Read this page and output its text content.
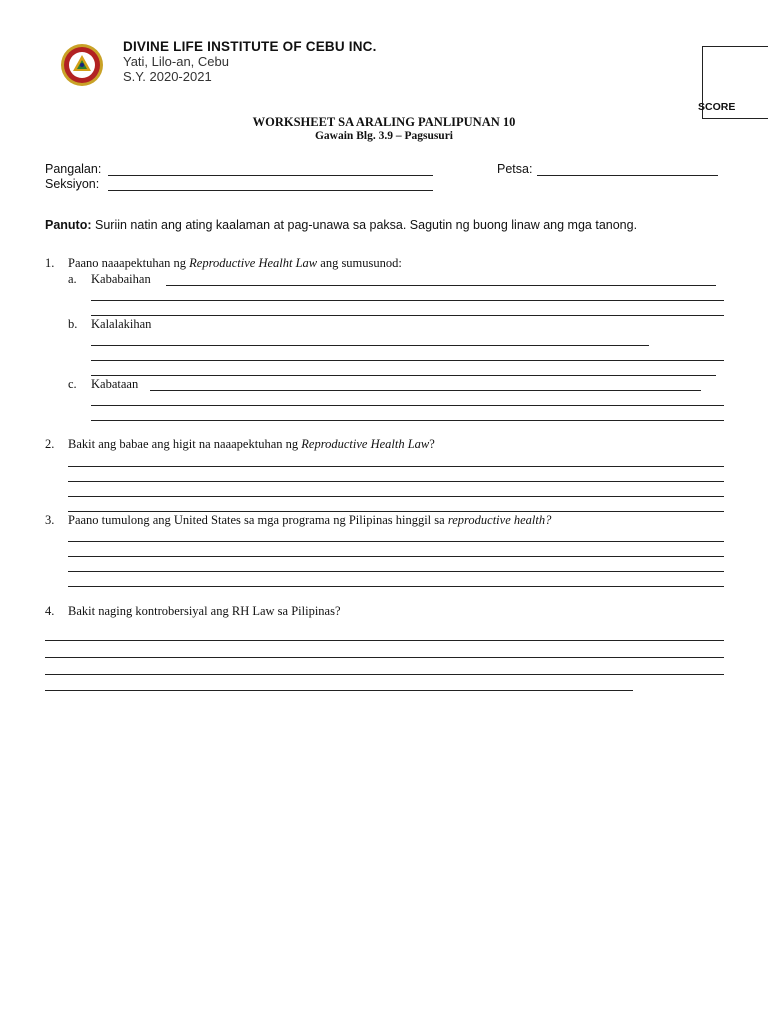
DIVINE LIFE INSTITUTE OF CEBU INC.
Yati, Lilo-an, Cebu
S.Y. 2020-2021
SCORE
WORKSHEET SA ARALING PANLIPUNAN 10
Gawain Blg. 3.9 – Pagsusuri
Pangalan:	Petsa:
Seksiyon:
Panuto: Suriin natin ang ating kaalaman at pag-unawa sa paksa. Sagutin ng buong linaw ang mga tanong.
1. Paano naaapektuhan ng Reproductive Healht Law ang sumusunod:
a. Kababaihan
b. Kalalakihan
c. Kabataan
2. Bakit ang babae ang higit na naaapektuhan ng Reproductive Health Law?
3. Paano tumulong ang United States sa mga programa ng Pilipinas hinggil sa reproductive health?
4. Bakit naging kontrobersiyal ang RH Law sa Pilipinas?
